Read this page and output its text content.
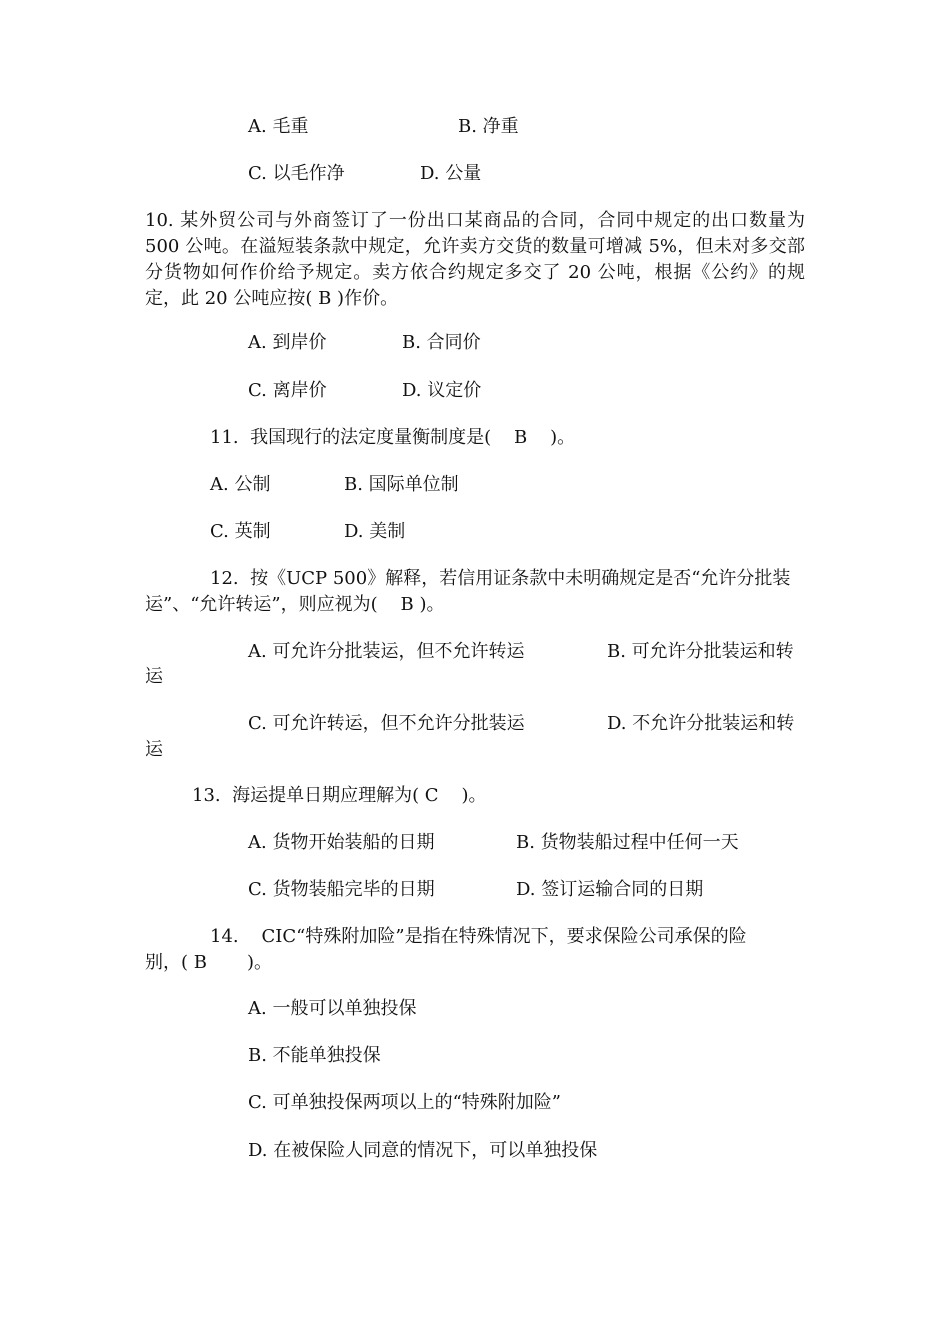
A. 毛重	B. 净重

C. 以毛作净	D. 公量

10. 某外贸公司与外商签订了一份出口某商品的合同，合同中规定的出口数量为 500 公吨。在溢短装条款中规定，允许卖方交货的数量可增减 5%，但未对多交部分货物如何作价给予规定。卖方依合约规定多交了 20 公吨，根据《公约》的规定，此 20 公吨应按( B )作价。

A. 到岸价	B. 合同价

C. 离岸价	D. 议定价

11.  我国现行的法定度量衡制度是(    B    )。

A. 公制	B. 国际单位制

C. 英制	D. 美制

12.  按《UCP 500》解释，若信用证条款中未明确规定是否“允许分批装

运”、“允许转运”，则应视为(    B )。

A. 可允许分批装运，但不允许转运	B. 可允许分批装运和转

运

C. 可允许转运，但不允许分批装运	D. 不允许分批装运和转

运

13.  海运提单日期应理解为( C    )。

A. 货物开始装船的日期	B. 货物装船过程中任何一天

C. 货物装船完毕的日期	D. 签订运输合同的日期

14.    CIC“特殊附加险”是指在特殊情况下，要求保险公司承保的险

别，( B       )。

A. 一般可以单独投保

B. 不能单独投保

C. 可单独投保两项以上的“特殊附加险”

D. 在被保险人同意的情况下，可以单独投保
